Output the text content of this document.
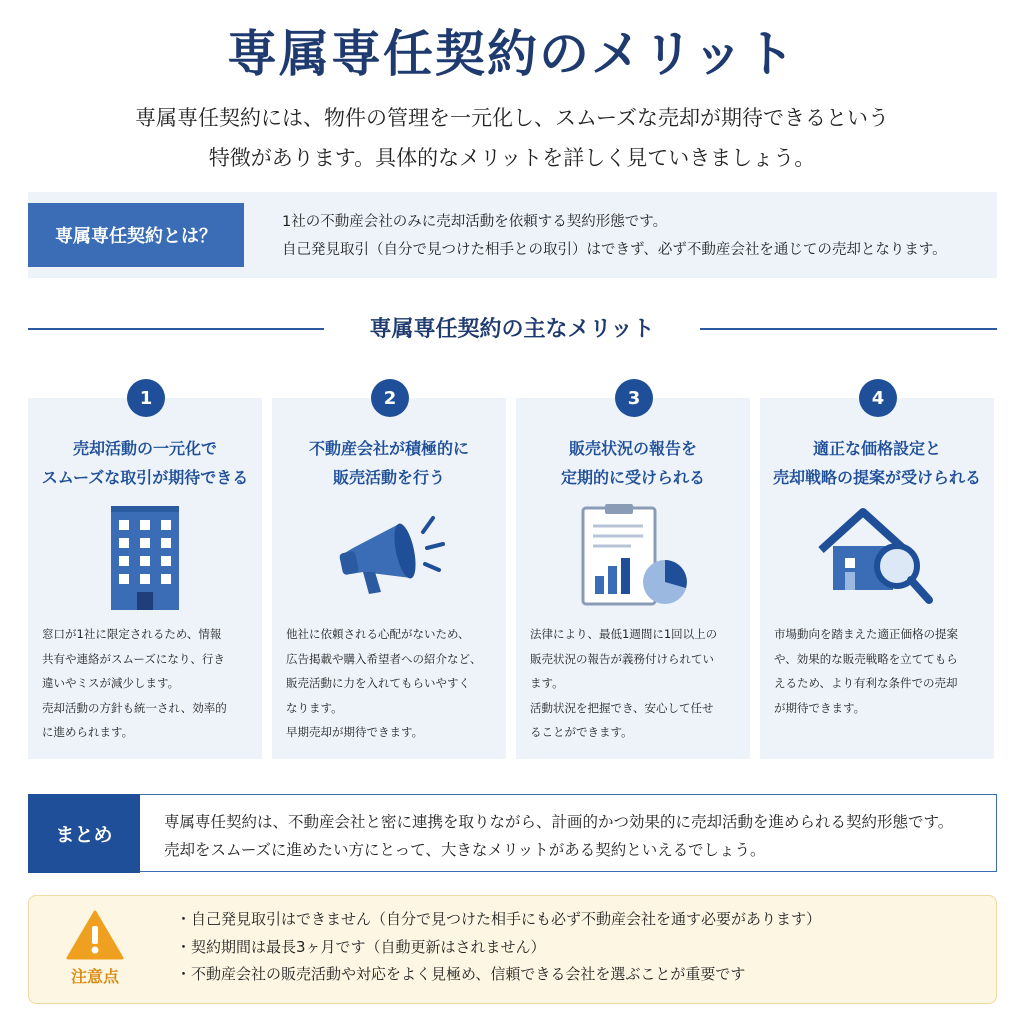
専属専任契約のメリット
専属専任契約には、物件の管理を一元化し、スムーズな売却が期待できるという
特徴があります。具体的なメリットを詳しく見ていきましょう。
専属専任契約とは？
1社の不動産会社のみに売却活動を依頼する契約形態です。
自己発見取引（自分で見つけた相手との取引）はできず、必ず不動産会社を通じての売却となります。
専属専任契約の主なメリット
売却活動の一元化で
スムーズな取引が期待できる
窓口が1社に限定されるため、情報
共有や連絡がスムーズになり、行き
違いやミスが減少します。
売却活動の方針も統一され、効率的
に進められます。
1
不動産会社が積極的に
販売活動を行う
他社に依頼される心配がないため、
広告掲載や購入希望者への紹介など、
販売活動に力を入れてもらいやすく
なります。
早期売却が期待できます。
2
販売状況の報告を
定期的に受けられる
法律により、最低1週間に1回以上の
販売状況の報告が義務付けられてい
ます。
活動状況を把握でき、安心して任せ
ることができます。
3
適正な価格設定と
売却戦略の提案が受けられる
市場動向を踏まえた適正価格の提案
や、効果的な販売戦略を立ててもら
えるため、より有利な条件での売却
が期待できます。
4
まとめ
専属専任契約は、不動産会社と密に連携を取りながら、計画的かつ効果的に売却活動を進められる契約形態です。
売却をスムーズに進めたい方にとって、大きなメリットがある契約といえるでしょう。
注意点
・自己発見取引はできません（自分で見つけた相手にも必ず不動産会社を通す必要があります）
・契約期間は最長3ヶ月です（自動更新はされません）
・不動産会社の販売活動や対応をよく見極め、信頼できる会社を選ぶことが重要です
